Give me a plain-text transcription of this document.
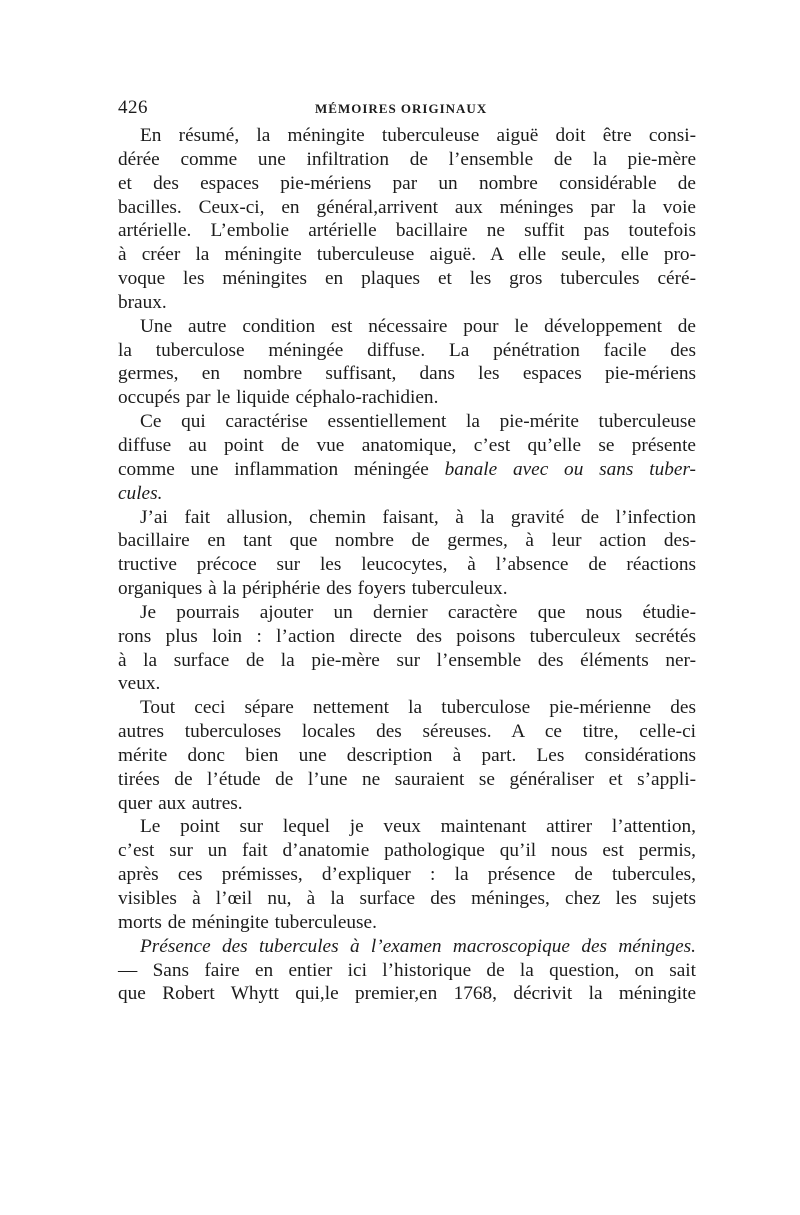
426	MÉMOIRES ORIGINAUX
En résumé, la méningite tuberculeuse aiguë doit être consi-
dérée comme une infiltration de l’ensemble de la pie-mère
et des espaces pie-mériens par un nombre considérable de
bacilles. Ceux-ci, en général,arrivent aux méninges par la voie
artérielle. L’embolie artérielle bacillaire ne suffit pas toutefois
à créer la méningite tuberculeuse aiguë. A elle seule, elle pro-
voque les méningites en plaques et les gros tubercules céré-
braux.
Une autre condition est nécessaire pour le développement de
la tuberculose méningée diffuse. La pénétration facile des
germes, en nombre suffisant, dans les espaces pie-mériens
occupés par le liquide céphalo-rachidien.
Ce qui caractérise essentiellement la pie-mérite tuberculeuse
diffuse au point de vue anatomique, c’est qu’elle se présente
comme une inflammation méningée banale avec ou sans tuber-
cules.
J’ai fait allusion, chemin faisant, à la gravité de l’infection
bacillaire en tant que nombre de germes, à leur action des-
tructive précoce sur les leucocytes, à l’absence de réactions
organiques à la périphérie des foyers tuberculeux.
Je pourrais ajouter un dernier caractère que nous étudie-
rons plus loin : l’action directe des poisons tuberculeux secrétés
à la surface de la pie-mère sur l’ensemble des éléments ner-
veux.
Tout ceci sépare nettement la tuberculose pie-mérienne des
autres tuberculoses locales des séreuses. A ce titre, celle-ci
mérite donc bien une description à part. Les considérations
tirées de l’étude de l’une ne sauraient se généraliser et s’appli-
quer aux autres.
Le point sur lequel je veux maintenant attirer l’attention,
c’est sur un fait d’anatomie pathologique qu’il nous est permis,
après ces prémisses, d’expliquer : la présence de tubercules,
visibles à l’œil nu, à la surface des méninges, chez les sujets
morts de méningite tuberculeuse.
Présence des tubercules à l’examen macroscopique des méninges.
— Sans faire en entier ici l’historique de la question, on sait
que Robert Whytt qui,le premier,en 1768, décrivit la méningite
